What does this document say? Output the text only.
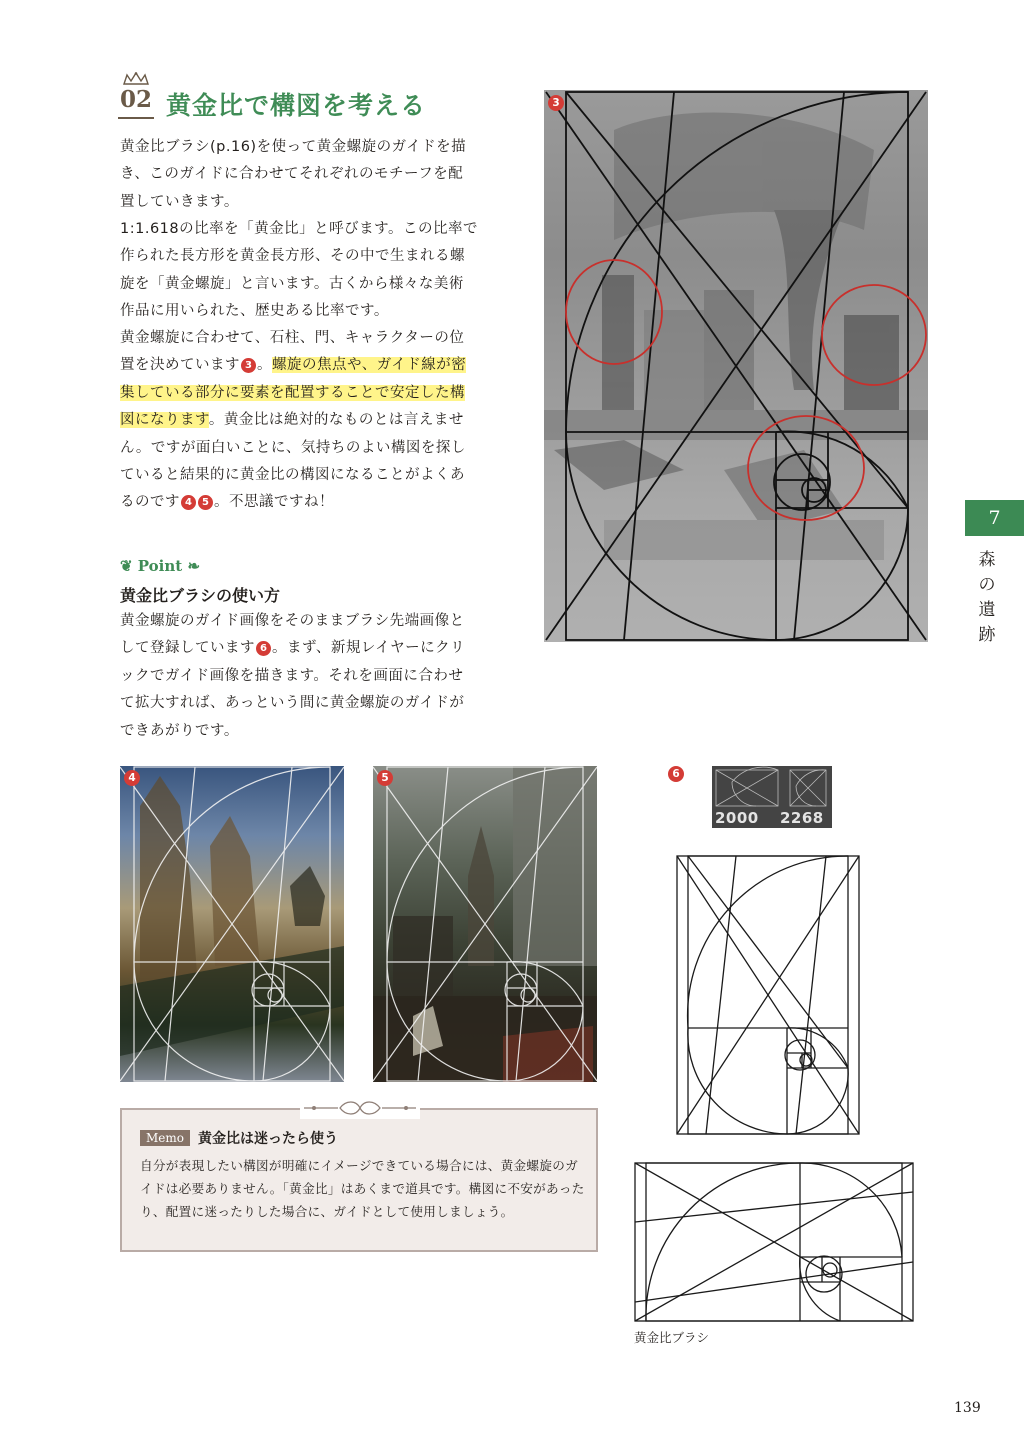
02 黄金比で構図を考える

黄金比ブラシ(p.16)を使って黄金螺旋のガイドを描き、このガイドに合わせてそれぞれのモチーフを配置していきます。

1:1.618の比率を「黄金比」と呼びます。この比率で作られた長方形を黄金長方形、その中で生まれる螺旋を「黄金螺旋」と言います。古くから様々な美術作品に用いられた、歴史ある比率です。

黄金螺旋に合わせて、石柱、門、キャラクターの位置を決めています 3 。螺旋の焦点や、ガイド線が密集している部分に要素を配置することで安定した構図になります。黄金比は絶対的なものとは言えません。ですが面白いことに、気持ちのよい構図を探していると結果的に黄金比の構図になることがよくあるのです 4 5 。不思議ですね！

❦ Point ❧
黄金比ブラシの使い方

黄金螺旋のガイド画像をそのままブラシ先端画像として登録しています 6 。まず、新規レイヤーにクリックでガイド画像を描きます。それを画面に合わせて拡大すれば、あっという間に黄金螺旋のガイドができあがりです。

3
4	5
Memo	黄金比は迷ったら使う

自分が表現したい構図が明確にイメージできている場合には、黄金螺旋のガイドは必要ありません。「黄金比」はあくまで道具です。構図に不安があったり、配置に迷ったりした場合に、ガイドとして使用しましょう。

6
2000 2268
黄金比ブラシ
7
森の遺跡
139
